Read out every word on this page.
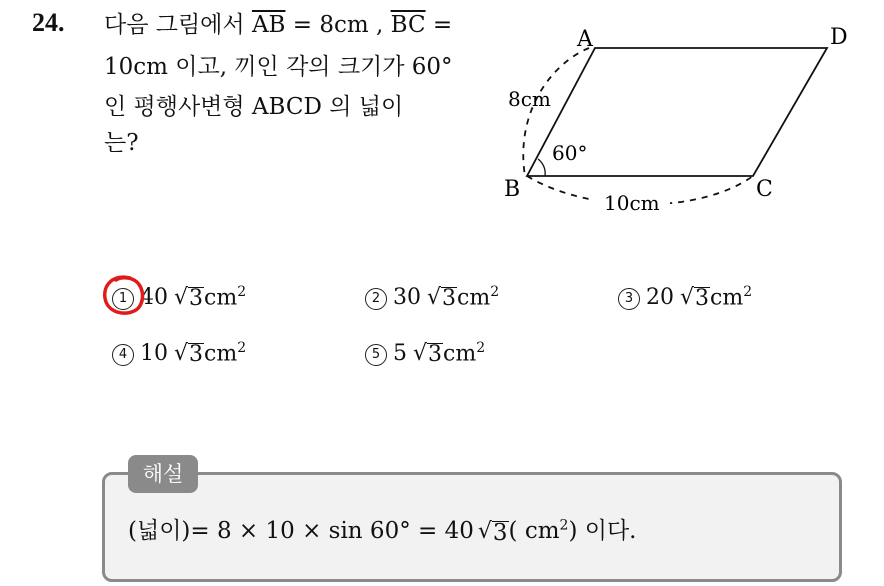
24. 다음 그림에서 $\overline{AB} = 8cm$ , $\overline{BC}$ =
10cm 이고, 끼인 각의 크기가 60°
인 평행사변형 ABCD 의 넓이
는?
A	D
B	C
8cm
60°
10cm
1 40 √ 3 $cm^2$	2 30 √ 3 $cm^2$	3 20 √ 3 $cm^2$
4 10 √ 3 $cm^2$	5 5 √ 3 $cm^2$
해설
(넓이)= 8 × 10 × sin 60° = 40 √ 3 ( $cm^2$) 이다.
